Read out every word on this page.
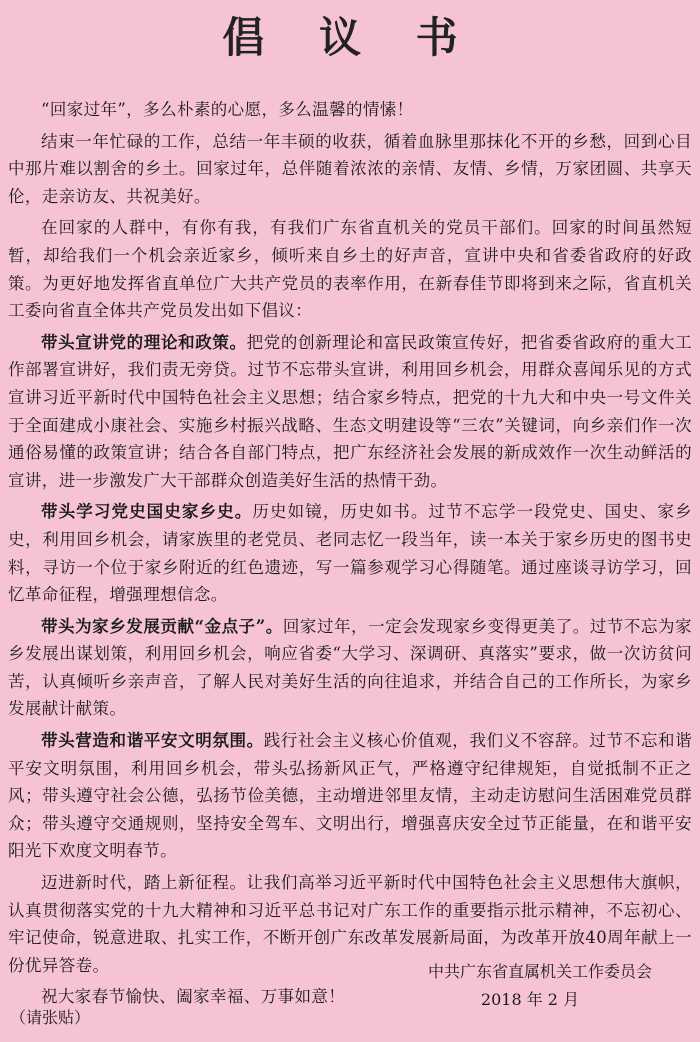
倡 议 书

“回家过年”，多么朴素的心愿，多么温馨的情愫！

结束一年忙碌的工作，总结一年丰硕的收获，循着血脉里那抹化不开的乡愁，回到心目中那片难以割舍的乡土。回家过年，总伴随着浓浓的亲情、友情、乡情，万家团圆、共享天伦，走亲访友、共祝美好。

在回家的人群中，有你有我，有我们广东省直机关的党员干部们。回家的时间虽然短暂，却给我们一个机会亲近家乡，倾听来自乡土的好声音，宣讲中央和省委省政府的好政策。为更好地发挥省直单位广大共产党员的表率作用，在新春佳节即将到来之际，省直机关工委向省直全体共产党员发出如下倡议：

带头宣讲党的理论和政策。把党的创新理论和富民政策宣传好，把省委省政府的重大工作部署宣讲好，我们责无旁贷。过节不忘带头宣讲，利用回乡机会，用群众喜闻乐见的方式宣讲习近平新时代中国特色社会主义思想；结合家乡特点，把党的十九大和中央一号文件关于全面建成小康社会、实施乡村振兴战略、生态文明建设等“三农”关键词，向乡亲们作一次通俗易懂的政策宣讲；结合各自部门特点，把广东经济社会发展的新成效作一次生动鲜活的宣讲，进一步激发广大干部群众创造美好生活的热情干劲。

带头学习党史国史家乡史。历史如镜，历史如书。过节不忘学一段党史、国史、家乡史，利用回乡机会，请家族里的老党员、老同志忆一段当年，读一本关于家乡历史的图书史料，寻访一个位于家乡附近的红色遗迹，写一篇参观学习心得随笔。通过座谈寻访学习，回忆革命征程，增强理想信念。

带头为家乡发展贡献“金点子”。回家过年，一定会发现家乡变得更美了。过节不忘为家乡发展出谋划策，利用回乡机会，响应省委“大学习、深调研、真落实”要求，做一次访贫问苦，认真倾听乡亲声音，了解人民对美好生活的向往追求，并结合自己的工作所长，为家乡发展献计献策。

带头营造和谐平安文明氛围。践行社会主义核心价值观，我们义不容辞。过节不忘和谐平安文明氛围，利用回乡机会，带头弘扬新风正气，严格遵守纪律规矩，自觉抵制不正之风；带头遵守社会公德，弘扬节俭美德，主动增进邻里友情，主动走访慰问生活困难党员群众；带头遵守交通规则，坚持安全驾车、文明出行，增强喜庆安全过节正能量，在和谐平安阳光下欢度文明春节。

迈进新时代，踏上新征程。让我们高举习近平新时代中国特色社会主义思想伟大旗帜，认真贯彻落实党的十九大精神和习近平总书记对广东工作的重要指示批示精神，不忘初心、牢记使命，锐意进取、扎实工作，不断开创广东改革发展新局面，为改革开放40周年献上一份优异答卷。

祝大家春节愉快、阖家幸福、万事如意！

中共广东省直属机关工作委员会
2018 年 2 月
（请张贴）
